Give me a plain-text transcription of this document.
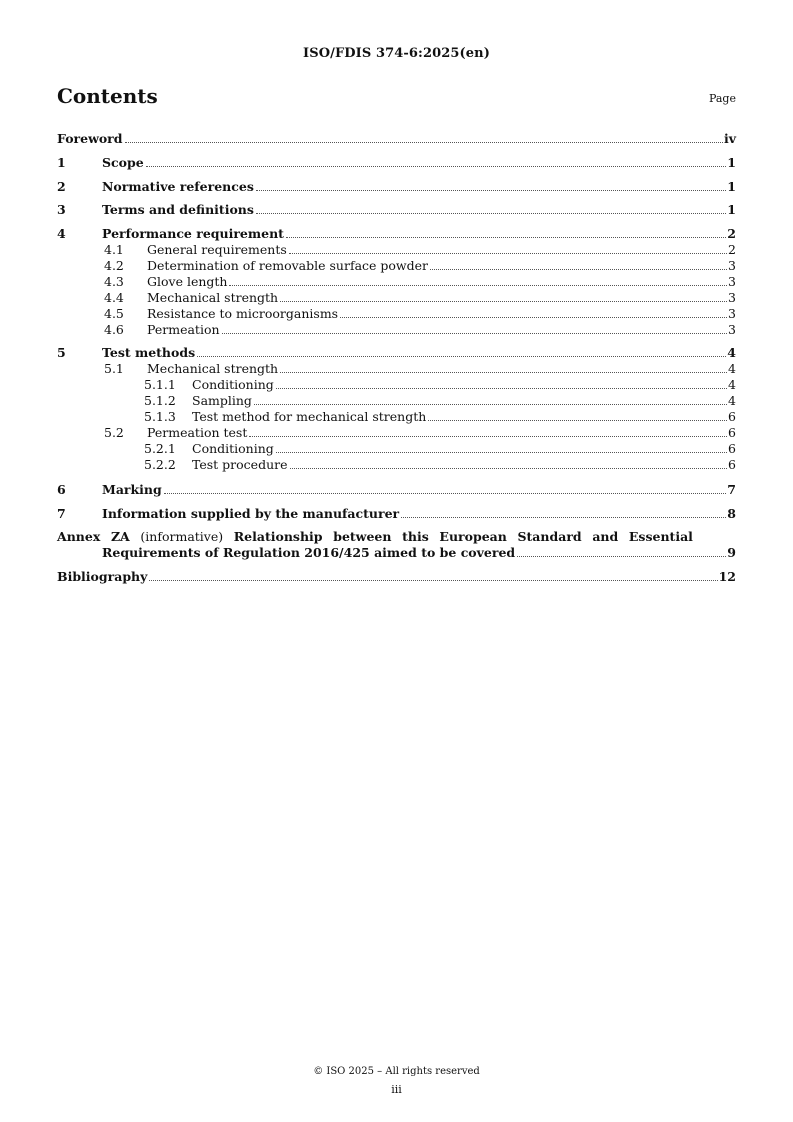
ISO/FDIS 374-6:2025(en)
Contents	Page
Foreword	iv
1	Scope	1
2	Normative references	1
3	Terms and definitions	1
4	Performance requirement	2
4.1 General requirements	2
4.2 Determination of removable surface powder	3
4.3 Glove length	3
4.4 Mechanical strength	3
4.5 Resistance to microorganisms	3
4.6 Permeation	3
5	Test methods	4
5.1 Mechanical strength	4
5.1.1 Conditioning	4
5.1.2 Sampling	4
5.1.3 Test method for mechanical strength	6
5.2 Permeation test	6
5.2.1 Conditioning	6
5.2.2 Test procedure	6
6	Marking	7
7	Information supplied by the manufacturer	8
Annex ZA (informative) Relationship between this European Standard and Essential
Requirements of Regulation 2016/425 aimed to be covered	9
Bibliography	12
© ISO 2025 – All rights reserved
iii
